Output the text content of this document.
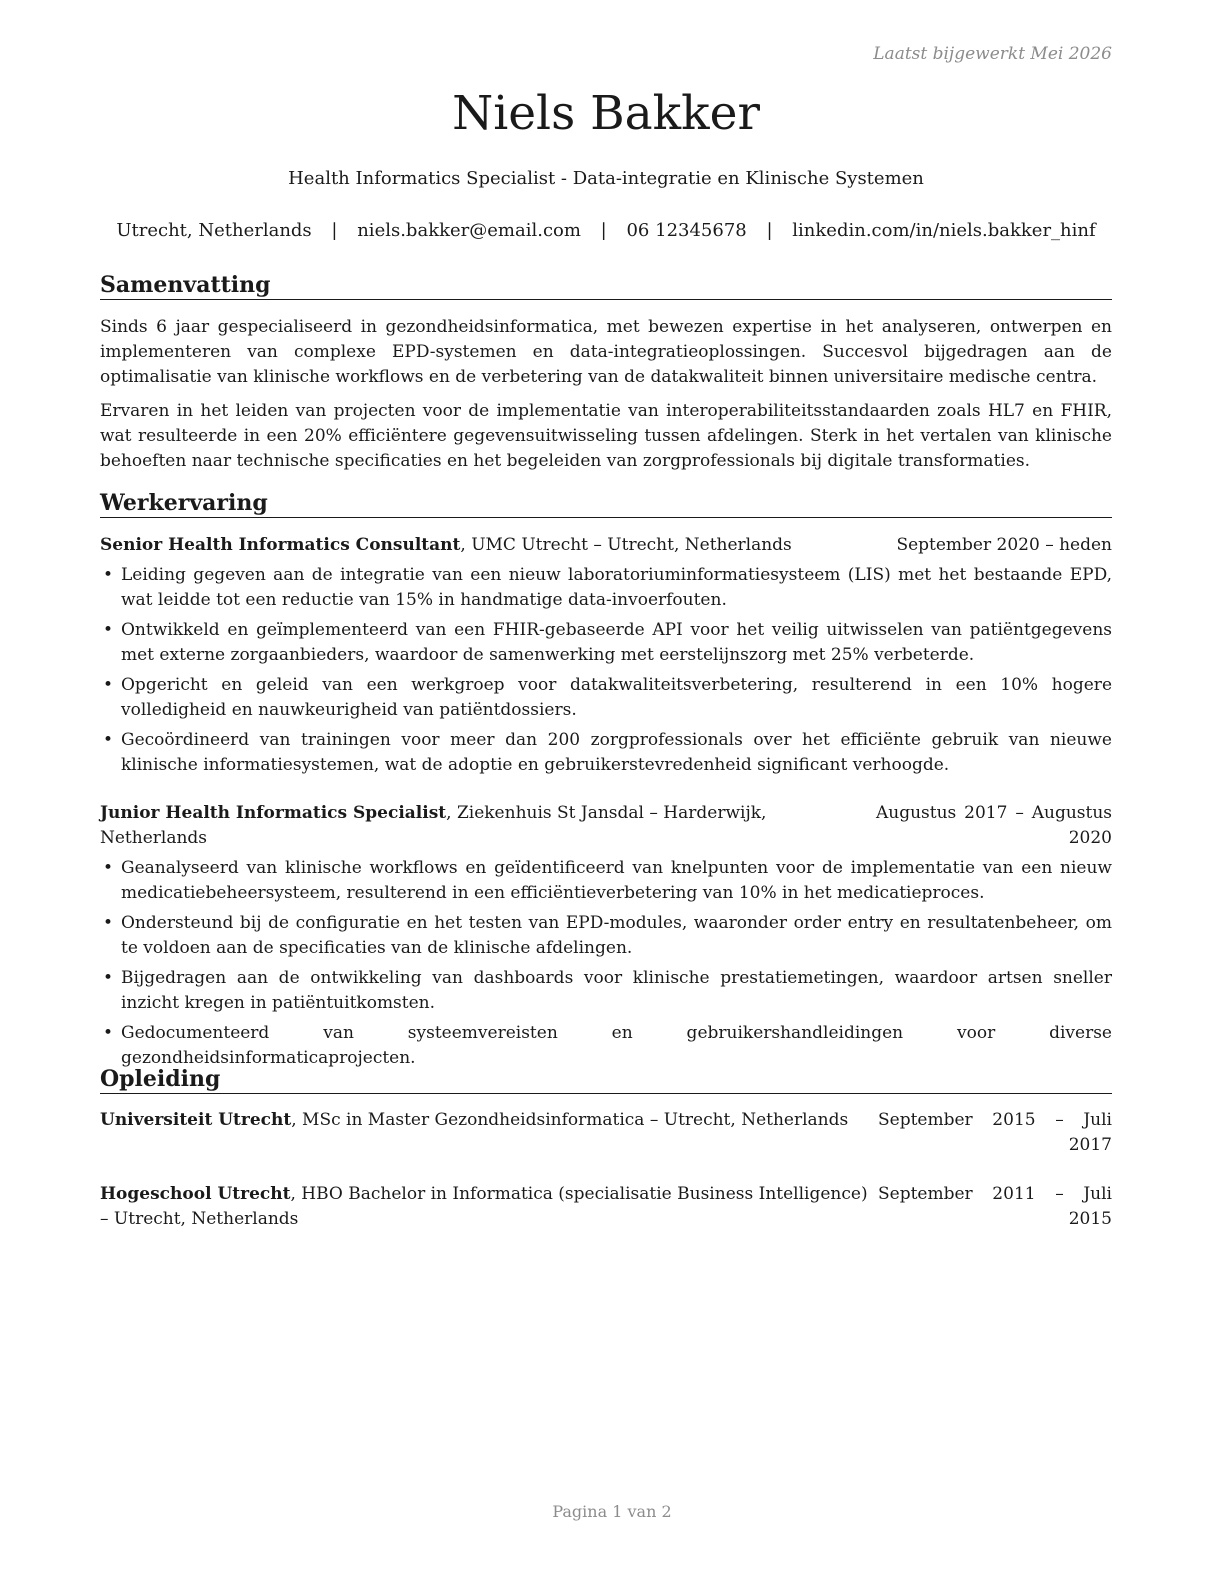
Laatst bijgewerkt Mei 2026
Niels Bakker
Health Informatics Specialist - Data-integratie en Klinische Systemen
Utrecht, Netherlands | niels.bakker@email.com | 06 12345678 | linkedin.com/in/niels.bakker_hinf
Samenvatting

Sinds 6 jaar gespecialiseerd in gezondheidsinformatica, met bewezen expertise in het analyseren, ontwerpen en implementeren van complexe EPD-systemen en data-integratieoplossingen. Succesvol bijgedragen aan de optimalisatie van klinische workflows en de verbetering van de datakwaliteit binnen universitaire medische centra.

Ervaren in het leiden van projecten voor de implementatie van interoperabiliteitsstandaarden zoals HL7 en FHIR, wat resulteerde in een 20% efficiëntere gegevensuitwisseling tussen afdelingen. Sterk in het vertalen van klinische behoeften naar technische specificaties en het begeleiden van zorgprofessionals bij digitale transformaties.

Werkervaring
Senior Health Informatics Consultant, UMC Utrecht – Utrecht, Netherlands	September 2020 – heden
• Leiding gegeven aan de integratie van een nieuw laboratoriuminformatiesysteem (LIS) met het bestaande EPD, wat leidde tot een reductie van 15% in handmatige data-invoerfouten.
• Ontwikkeld en geïmplementeerd van een FHIR-gebaseerde API voor het veilig uitwisselen van patiëntgegevens met externe zorgaanbieders, waardoor de samenwerking met eerstelijnszorg met 25% verbeterde.
• Opgericht en geleid van een werkgroep voor datakwaliteitsverbetering, resulterend in een 10% hogere volledigheid en nauwkeurigheid van patiëntdossiers.
• Gecoördineerd van trainingen voor meer dan 200 zorgprofessionals over het efficiënte gebruik van nieuwe klinische informatiesystemen, wat de adoptie en gebruikerstevredenheid significant verhoogde.
Junior Health Informatics Specialist, Ziekenhuis St Jansdal – Harderwijk, Netherlands
Augustus 2017 – Augustus 2020
• Geanalyseerd van klinische workflows en geïdentificeerd van knelpunten voor de implementatie van een nieuw medicatiebeheersysteem, resulterend in een efficiëntieverbetering van 10% in het medicatieproces.
• Ondersteund bij de configuratie en het testen van EPD-modules, waaronder order entry en resultatenbeheer, om te voldoen aan de specificaties van de klinische afdelingen.
• Bijgedragen aan de ontwikkeling van dashboards voor klinische prestatiemetingen, waardoor artsen sneller inzicht kregen in patiëntuitkomsten.
• Gedocumenteerd van systeemvereisten en gebruikershandleidingen voor diverse gezondheidsinformaticaprojecten.
Opleiding
Universiteit Utrecht, MSc in Master Gezondheidsinformatica – Utrecht, Netherlands	September 2015 – Juli 2017
Hogeschool Utrecht, HBO Bachelor in Informatica (specialisatie Business Intelligence) – Utrecht, Netherlands
September 2011 – Juli 2015
Pagina 1 van 2
